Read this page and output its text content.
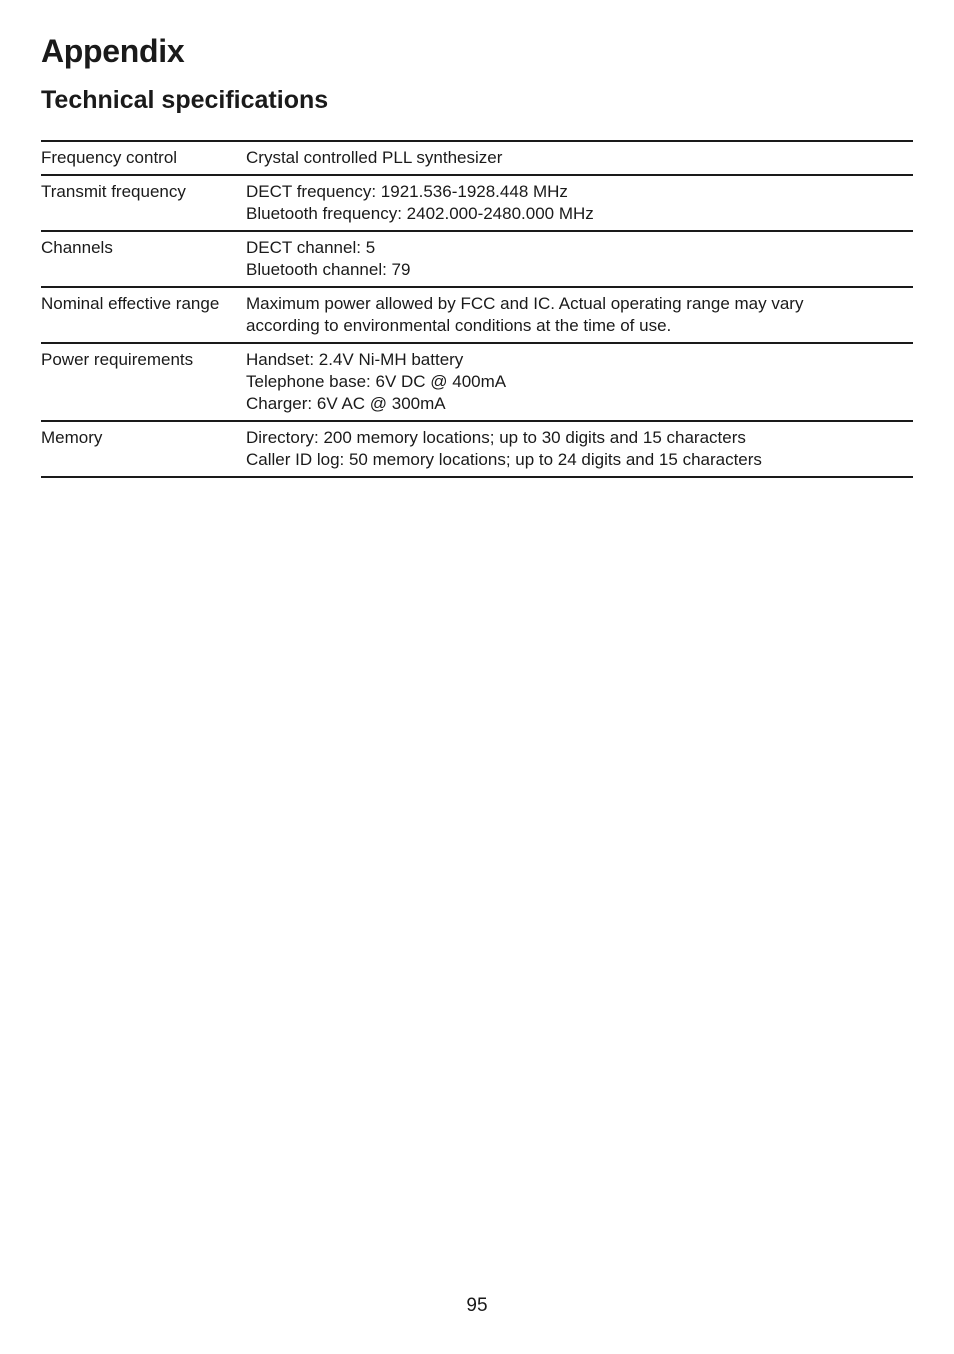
Appendix
Technical specifications
Frequency control	Crystal controlled PLL synthesizer

Transmit frequency	DECT frequency: 1921.536-1928.448 MHz
Bluetooth frequency: 2402.000-2480.000 MHz

Channels	DECT channel: 5
Bluetooth channel: 79

Nominal effective range	Maximum power allowed by FCC and IC. Actual operating range may vary
according to environmental conditions at the time of use.

Power requirements	Handset: 2.4V Ni-MH battery
Telephone base: 6V DC @ 400mA
Charger: 6V AC @ 300mA

Memory	Directory: 200 memory locations; up to 30 digits and 15 characters
Caller ID log: 50 memory locations; up to 24 digits and 15 characters
95
